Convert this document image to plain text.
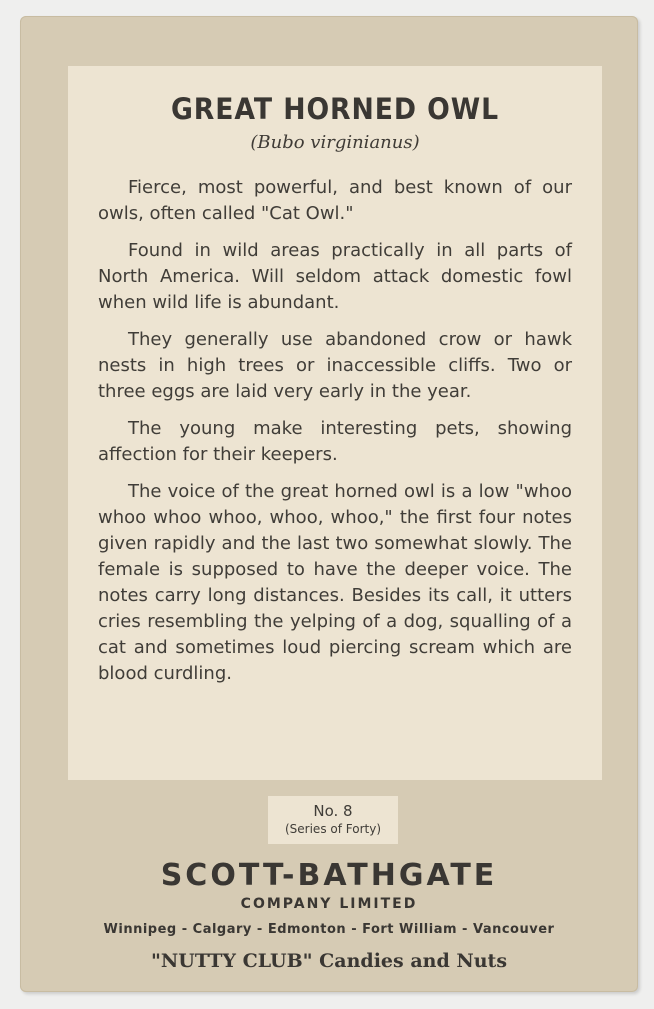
GREAT HORNED OWL
(Bubo virginianus)

Fierce, most powerful, and best known of our owls, often called "Cat Owl."

Found in wild areas practically in all parts of North America. Will seldom attack domestic fowl when wild life is abundant.

They generally use abandoned crow or hawk nests in high trees or inaccessible cliffs. Two or three eggs are laid very early in the year.

The young make interesting pets, showing affection for their keepers.

The voice of the great horned owl is a low "whoo whoo whoo whoo, whoo, whoo," the first four notes given rapidly and the last two somewhat slowly. The female is supposed to have the deeper voice. The notes carry long distances. Besides its call, it utters cries resembling the yelping of a dog, squalling of a cat and sometimes loud piercing scream which are blood curdling.

No. 8
(Series of Forty)
SCOTT-BATHGATE
COMPANY LIMITED
Winnipeg - Calgary - Edmonton - Fort William - Vancouver
"NUTTY CLUB" Candies and Nuts
